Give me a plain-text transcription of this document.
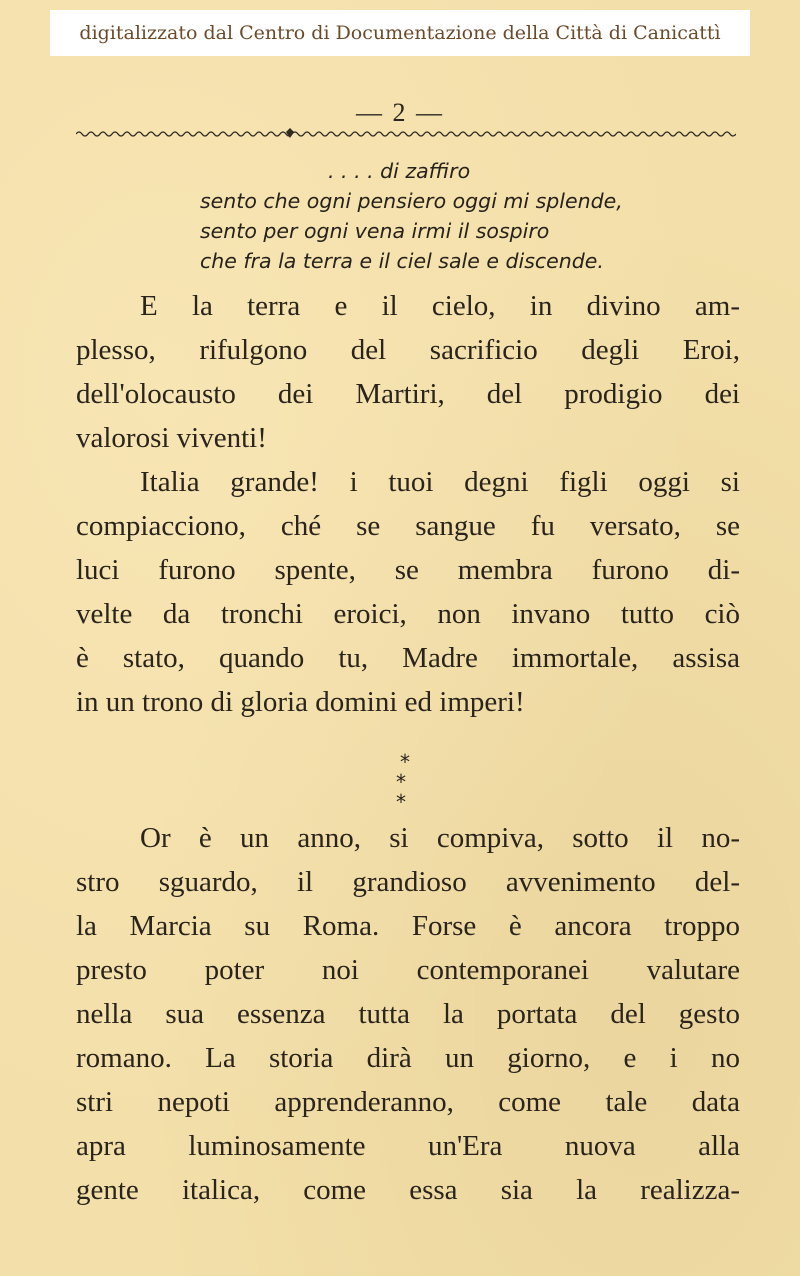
digitalizzato dal Centro di Documentazione della Città di Canicattì
— 2 —
. . . . di zaffiro
sento che ogni pensiero oggi mi splende,
sento per ogni vena irmi il sospiro
che fra la terra e il ciel sale e discende.
E la terra e il cielo, in divino am-
plesso, rifulgono del sacrificio degli Eroi,
dell'olocausto dei Martiri, del prodigio dei
valorosi viventi!
Italia grande! i tuoi degni figli oggi si
compiacciono, ché se sangue fu versato, se
luci furono spente, se membra furono di-
velte da tronchi eroici, non invano tutto ciò
è stato, quando tu, Madre immortale, assisa
in un trono di gloria domini ed imperi!
*
* *
Or è un anno, si compiva, sotto il no-
stro sguardo, il grandioso avvenimento del-
la Marcia su Roma. Forse è ancora troppo
presto poter noi contemporanei valutare
nella sua essenza tutta la portata del gesto
romano. La storia dirà un giorno, e i no
stri nepoti apprenderanno, come tale data
apra luminosamente un'Era nuova alla
gente italica, come essa sia la realizza-
